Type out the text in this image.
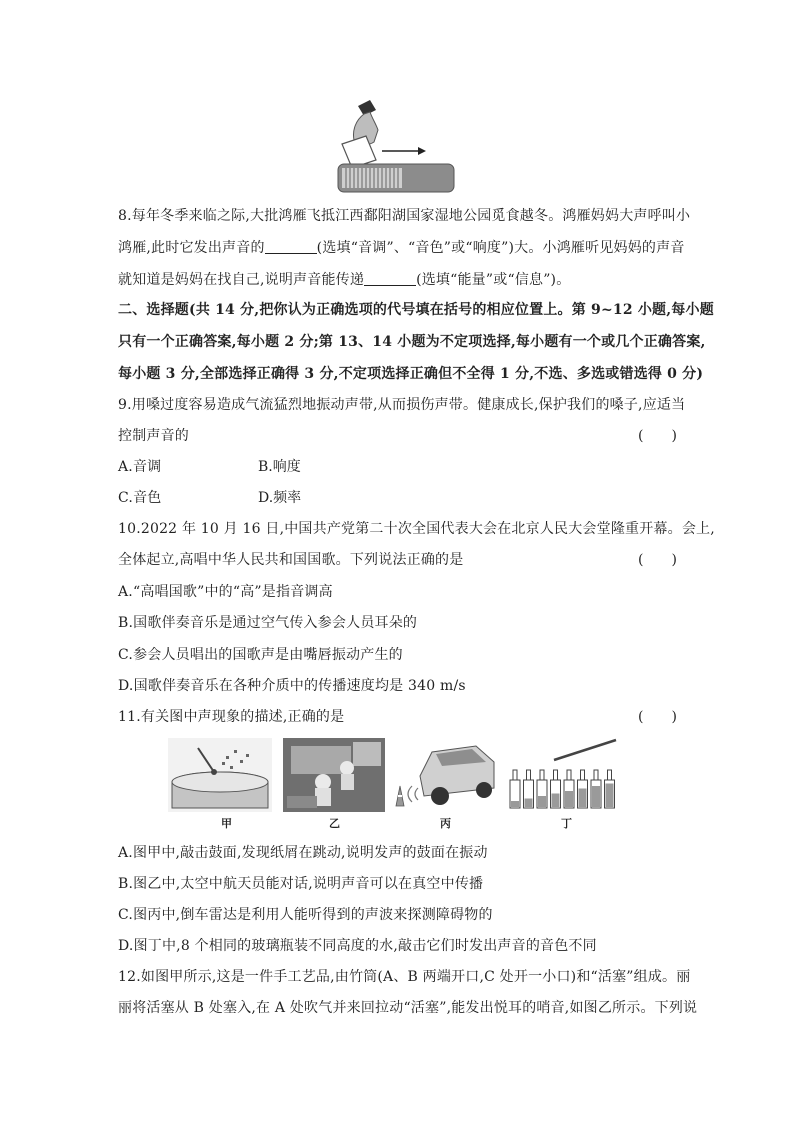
8.每年冬季来临之际,大批鸿雁飞抵江西鄱阳湖国家湿地公园觅食越冬。鸿雁妈妈大声呼叫小
鸿雁,此时它发出声音的	(选填“音调”、“音色”或“响度”)大。小鸿雁听见妈妈的声音
就知道是妈妈在找自己,说明声音能传递	(选填“能量”或“信息”)。
二、选择题(共 14 分,把你认为正确选项的代号填在括号的相应位置上。第 9~12 小题,每小题
只有一个正确答案,每小题 2 分;第 13、14 小题为不定项选择,每小题有一个或几个正确答案,
每小题 3 分,全部选择正确得 3 分,不定项选择正确但不全得 1 分,不选、多选或错选得 0 分)
9.用嗓过度容易造成气流猛烈地振动声带,从而损伤声带。健康成长,保护我们的嗓子,应适当
控制声音的	(　　)
A.音调	B.响度
C.音色	D.频率
10.2022 年 10 月 16 日,中国共产党第二十次全国代表大会在北京人民大会堂隆重开幕。会上,
全体起立,高唱中华人民共和国国歌。下列说法正确的是	(　　)
A.“高唱国歌”中的“高”是指音调高
B.国歌伴奏音乐是通过空气传入参会人员耳朵的
C.参会人员唱出的国歌声是由嘴唇振动产生的
D.国歌伴奏音乐在各种介质中的传播速度均是 340 m/s
11.有关图中声现象的描述,正确的是	(　　)
甲	乙	丙	丁
A.图甲中,敲击鼓面,发现纸屑在跳动,说明发声的鼓面在振动
B.图乙中,太空中航天员能对话,说明声音可以在真空中传播
C.图丙中,倒车雷达是利用人能听得到的声波来探测障碍物的
D.图丁中,8 个相同的玻璃瓶装不同高度的水,敲击它们时发出声音的音色不同
12.如图甲所示,这是一件手工艺品,由竹筒(A、B 两端开口,C 处开一小口)和“活塞”组成。丽
丽将活塞从 B 处塞入,在 A 处吹气并来回拉动“活塞”,能发出悦耳的哨音,如图乙所示。下列说
